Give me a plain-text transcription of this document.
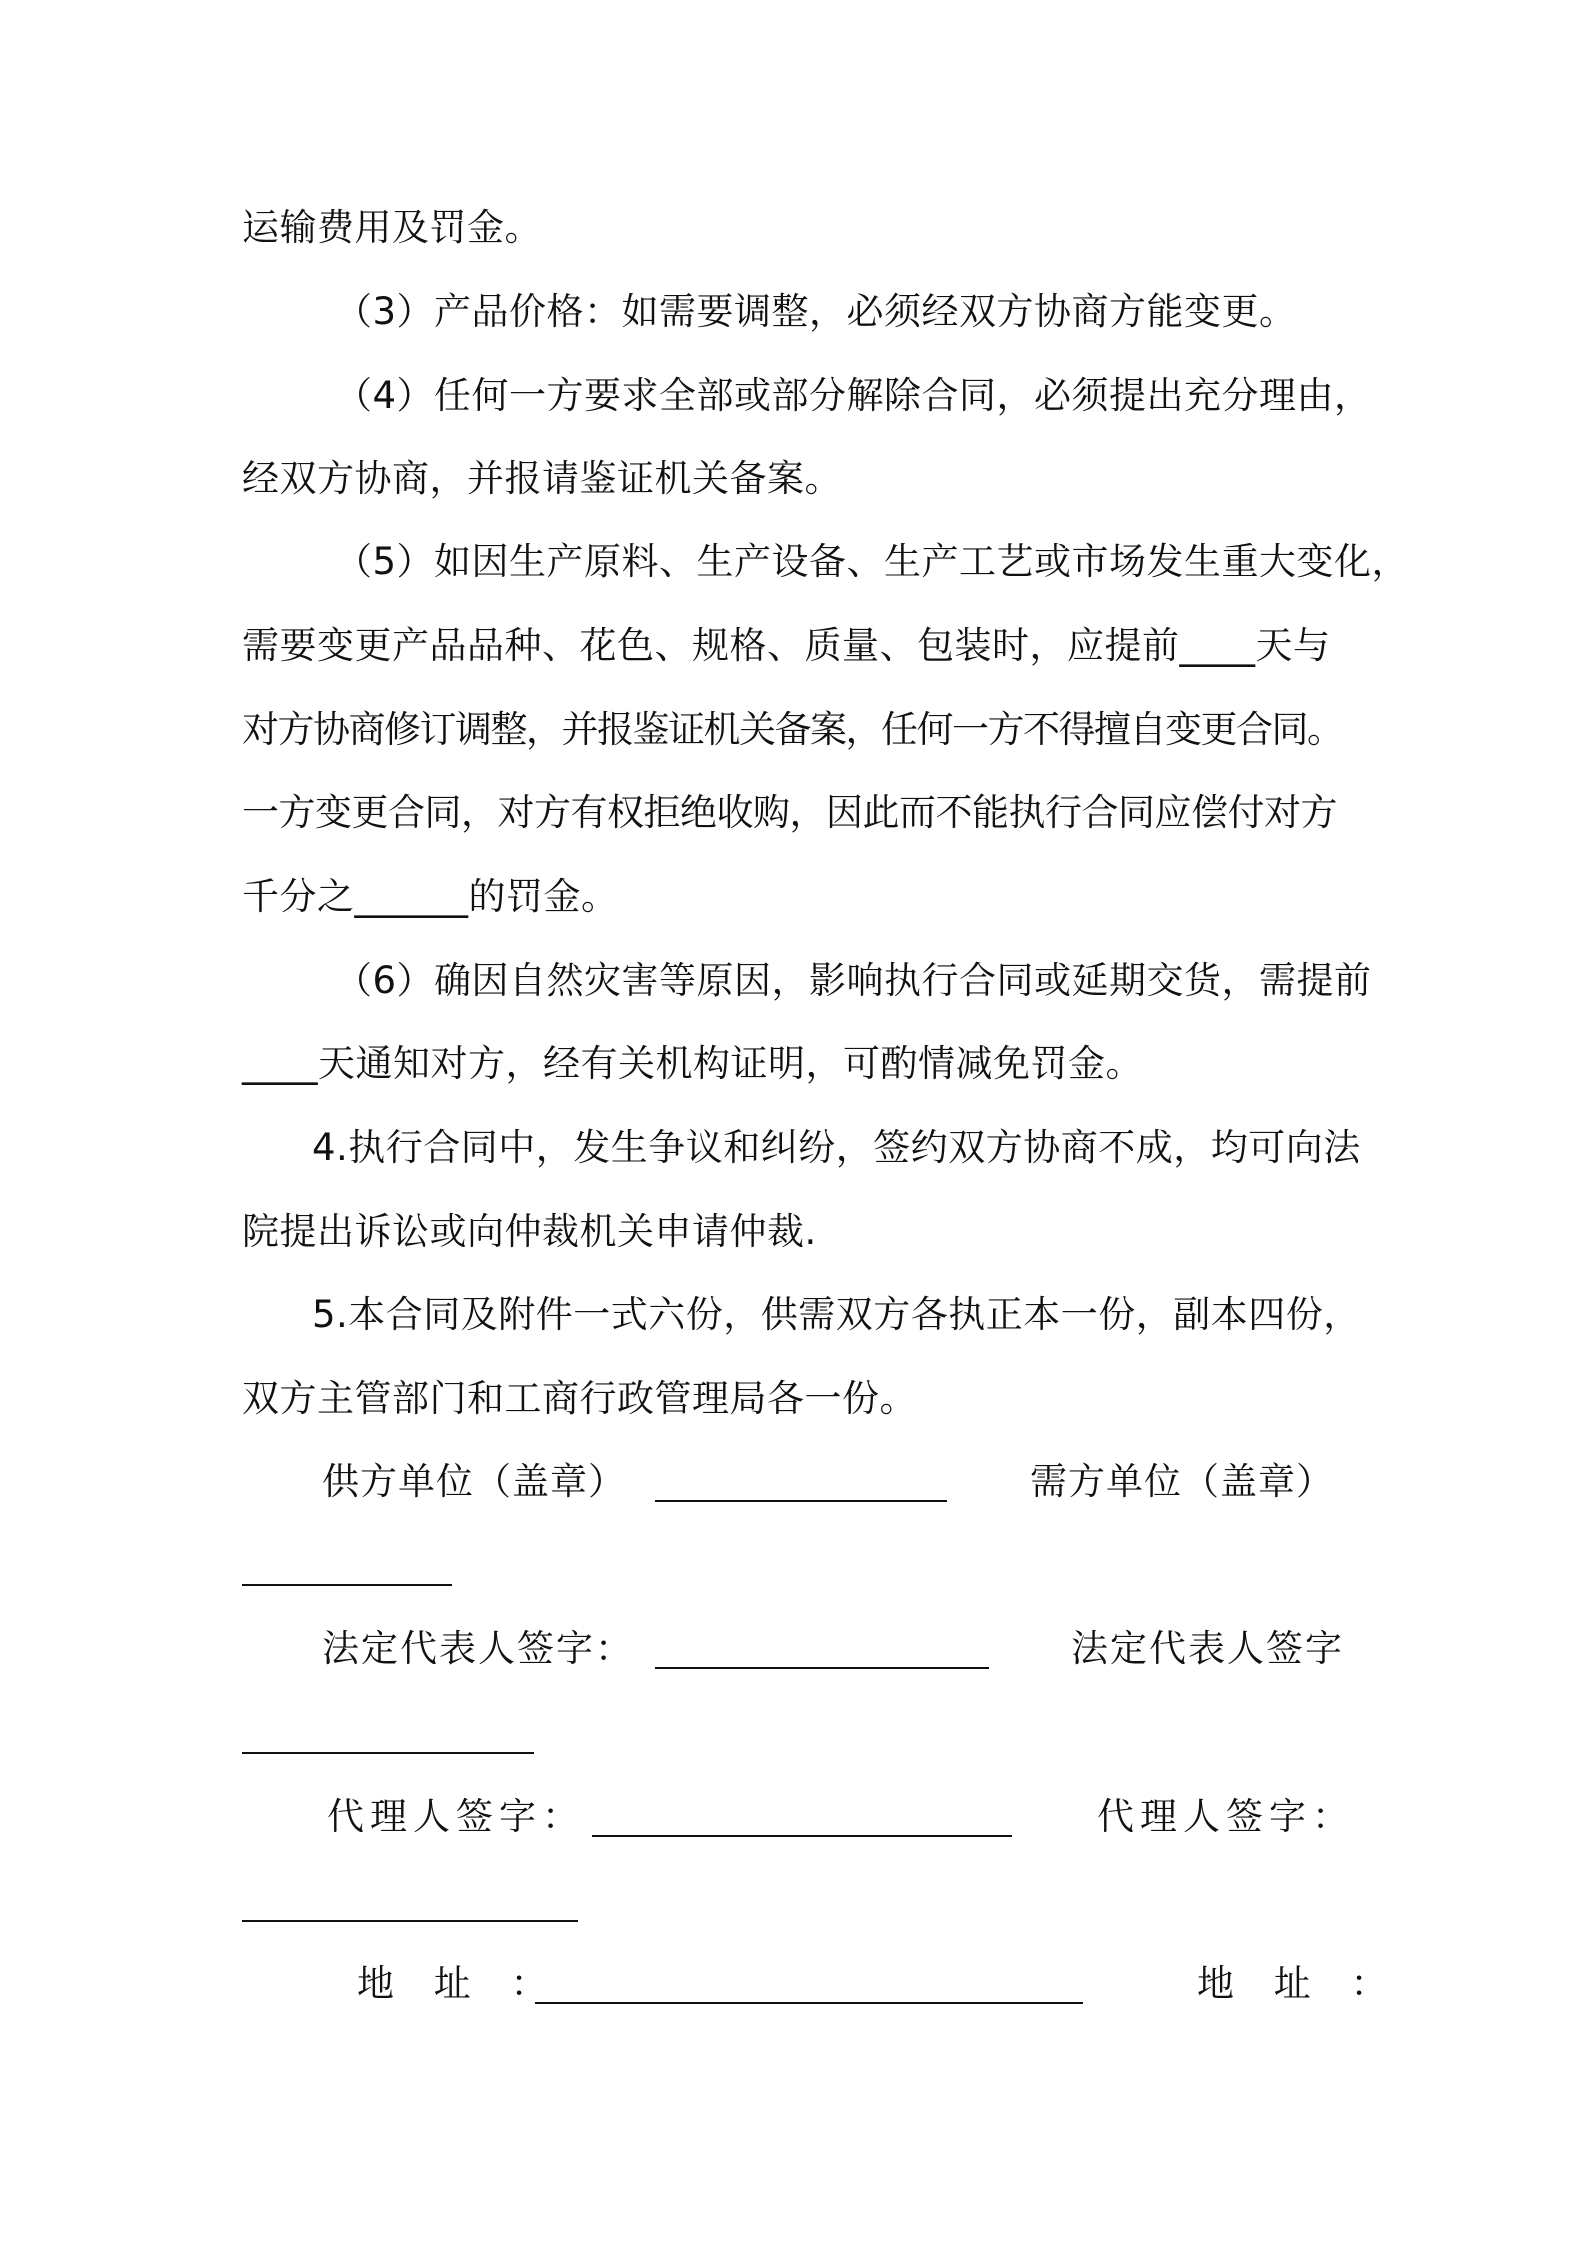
运输费用及罚金。
（3）产品价格：如需要调整，必须经双方协商方能变更。
（4）任何一方要求全部或部分解除合同，必须提出充分理由，
经双方协商，并报请鉴证机关备案。
（5）如因生产原料、生产设备、生产工艺或市场发生重大变化，
需要变更产品品种、花色、规格、质量、包装时，应提前____天与
对方协商修订调整，并报鉴证机关备案，任何一方不得擅自变更合同。
一方变更合同，对方有权拒绝收购，因此而不能执行合同应偿付对方
千分之______的罚金。
（6）确因自然灾害等原因，影响执行合同或延期交货，需提前
____天通知对方，经有关机构证明，可酌情减免罚金。
4.执行合同中，发生争议和纠纷，签约双方协商不成，均可向法
院提出诉讼或向仲裁机关申请仲裁.
5.本合同及附件一式六份，供需双方各执正本一份，副本四份，
双方主管部门和工商行政管理局各一份。
供方单位（盖章）	需方单位（盖章）
法定代表人签字：	法定代表人签字
代理人签字：	代理人签字：
地 址 ：	地 址 ：
